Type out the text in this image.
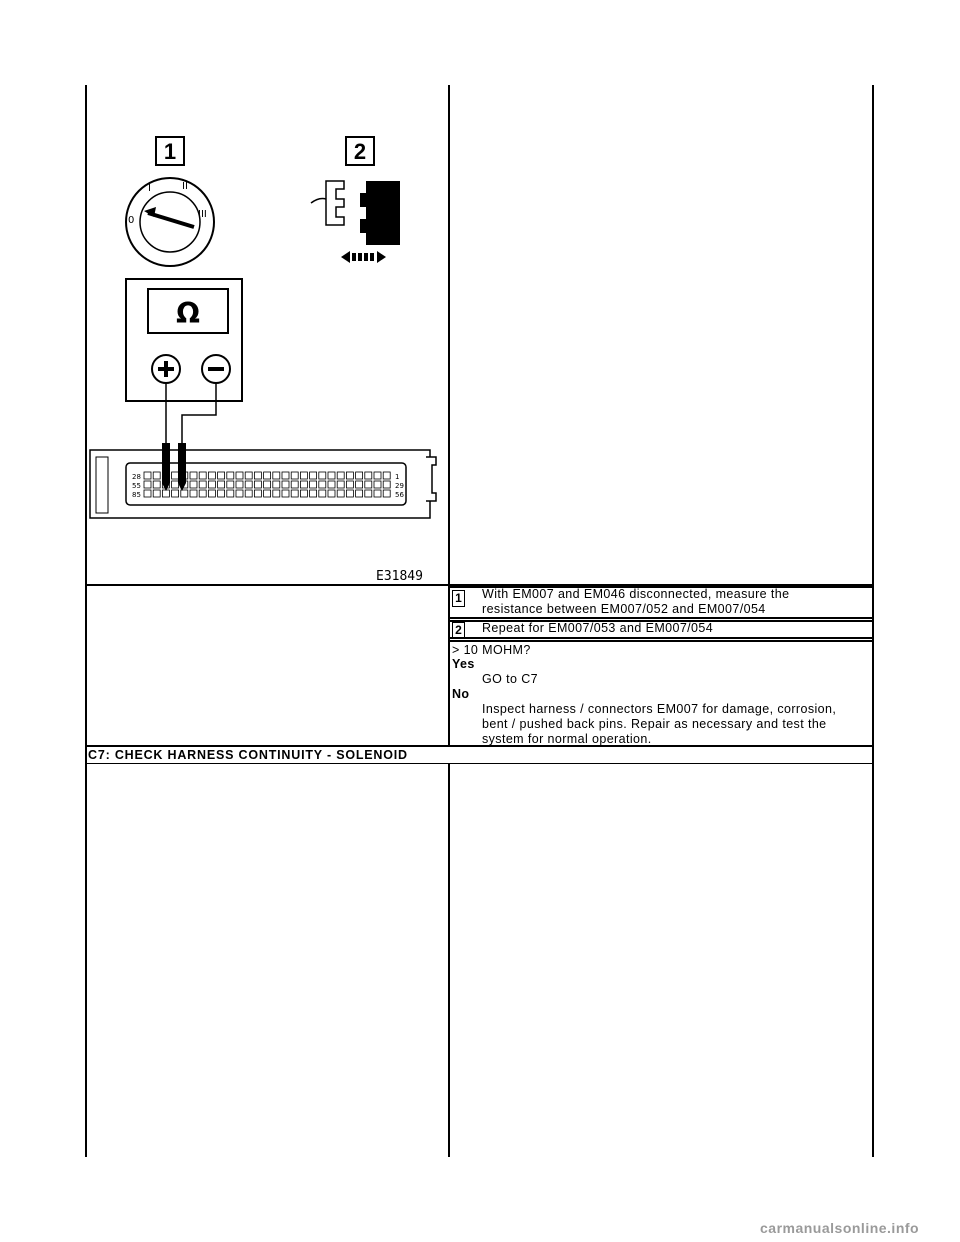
1	2
0
I	II
III
Ω
28
55
85
1
29
56
E31849
1 With EM007 and EM046 disconnected, measure the
resistance between EM007/052 and EM007/054
2 Repeat for EM007/053 and EM007/054
> 10 MOHM?
Yes
GO to C7
No
Inspect harness / connectors EM007 for damage, corrosion,
bent / pushed back pins. Repair as necessary and test the
system for normal operation.
C7: CHECK HARNESS CONTINUITY - SOLENOID
carmanualsonline.info
